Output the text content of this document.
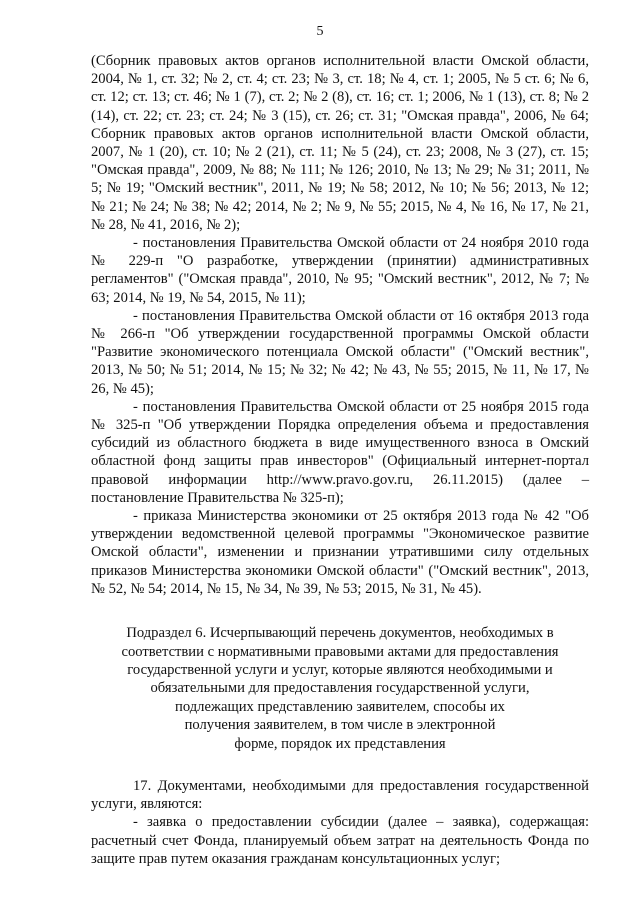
5

(Сборник правовых актов органов исполнительной власти Омской области, 2004, № 1, ст. 32; № 2, ст. 4; ст. 23; № 3, ст. 18; № 4, ст. 1; 2005, № 5 ст. 6; № 6, ст. 12; ст. 13; ст. 46; № 1 (7), ст. 2; № 2 (8), ст. 16; ст. 1; 2006, № 1 (13), ст. 8; № 2 (14), ст. 22; ст. 23; ст. 24; № 3 (15), ст. 26; ст. 31; "Омская правда", 2006, № 64; Сборник правовых актов органов исполнительной власти Омской области, 2007, № 1 (20), ст. 10; № 2 (21), ст. 11; № 5 (24), ст. 23; 2008, № 3 (27), ст. 15; "Омская правда", 2009, № 88; № 111; № 126; 2010, № 13; № 29; № 31; 2011, № 5; № 19; "Омский вестник", 2011, № 19; № 58; 2012, № 10; № 56; 2013, № 12; № 21; № 24; № 38; № 42; 2014, № 2; № 9, № 55; 2015, № 4, № 16, № 17, № 21, № 28, № 41, 2016, № 2);

- постановления Правительства Омской области от 24 ноября 2010 года № 229-п "О разработке, утверждении (принятии) административных регламентов" ("Омская правда", 2010, № 95; "Омский вестник", 2012, № 7; № 63; 2014, № 19, № 54, 2015, № 11);

- постановления Правительства Омской области от 16 октября 2013 года № 266-п "Об утверждении государственной программы Омской области "Развитие экономического потенциала Омской области" ("Омский вестник", 2013, № 50; № 51; 2014, № 15; № 32; № 42; № 43, № 55; 2015, № 11, № 17, № 26, № 45);

- постановления Правительства Омской области от 25 ноября 2015 года № 325-п "Об утверждении Порядка определения объема и предоставления субсидий из областного бюджета в виде имущественного взноса в Омский областной фонд защиты прав инвесторов" (Официальный интернет-портал правовой информации http://www.pravo.gov.ru, 26.11.2015) (далее – постановление Правительства № 325-п);

- приказа Министерства экономики от 25 октября 2013 года № 42 "Об утверждении ведомственной целевой программы "Экономическое развитие Омской области", изменении и признании утратившими силу отдельных приказов Министерства экономики Омской области" ("Омский вестник", 2013, № 52, № 54; 2014, № 15, № 34, № 39, № 53; 2015, № 31, № 45).

Подраздел 6. Исчерпывающий перечень документов, необходимых в
соответствии с нормативными правовыми актами для предоставления
государственной услуги и услуг, которые являются необходимыми и
обязательными для предоставления государственной услуги,
подлежащих представлению заявителем, способы их
получения заявителем, в том числе в электронной
форме, порядок их представления

17. Документами, необходимыми для предоставления государственной услуги, являются:

- заявка о предоставлении субсидии (далее – заявка), содержащая: расчетный счет Фонда, планируемый объем затрат на деятельность Фонда по защите прав путем оказания гражданам консультационных услуг;
